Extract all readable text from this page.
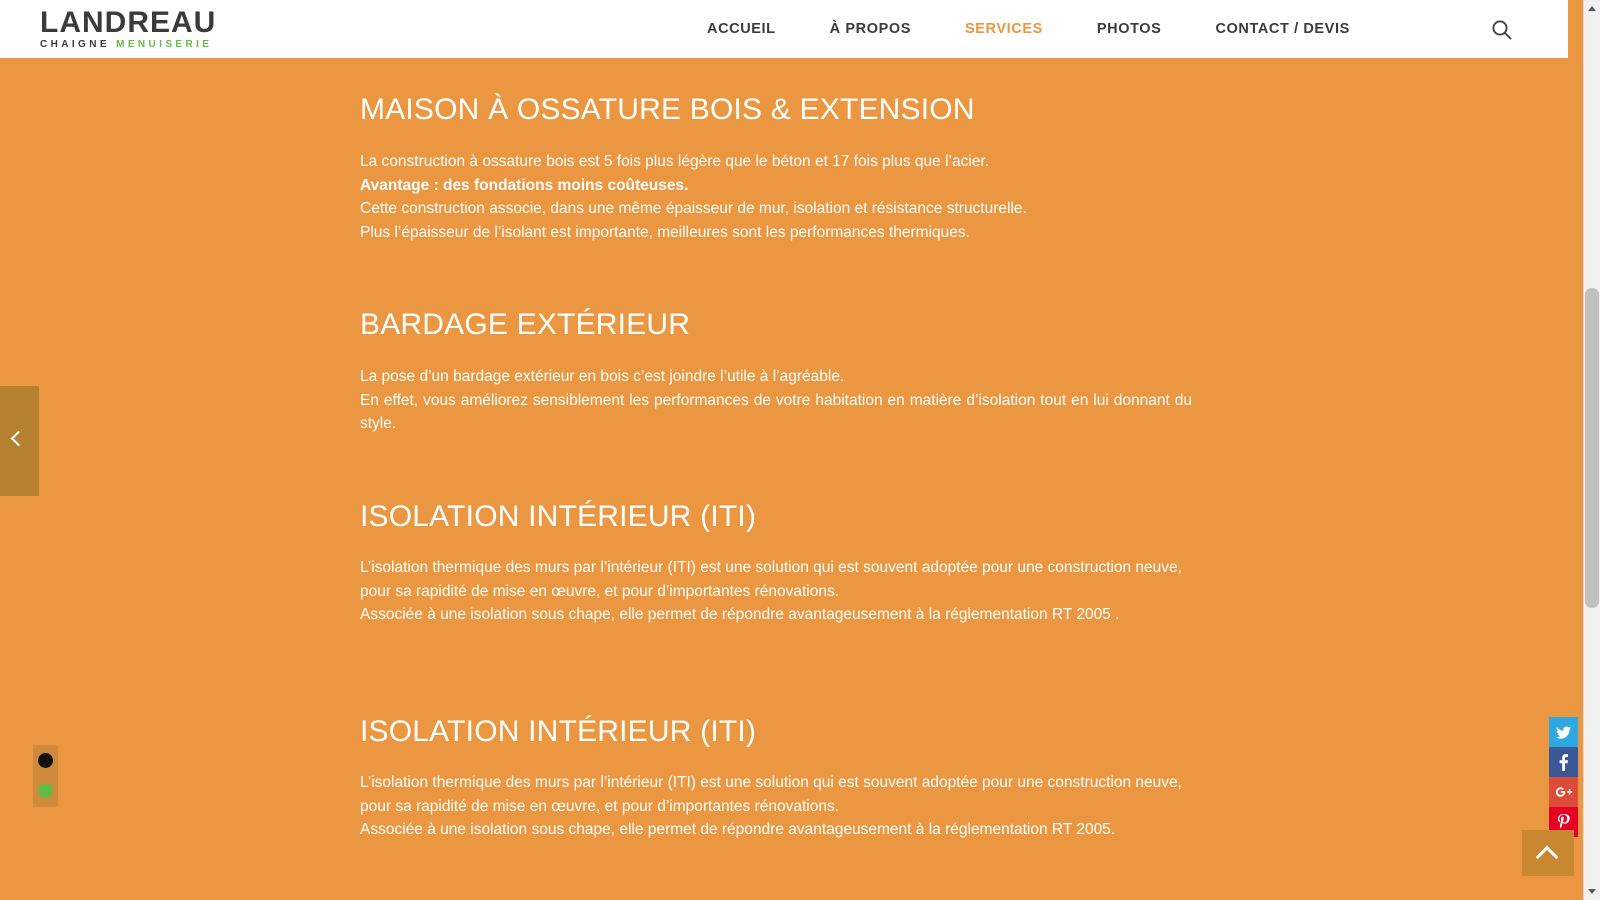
LANDREAU
CHAIGNE MENUISERIE
ACCUEIL	À PROPOS	SERVICES	PHOTOS	CONTACT / DEVIS
MAISON À OSSATURE BOIS & EXTENSION

La construction à ossature bois est 5 fois plus légère que le béton et 17 fois plus que l’acier.
Avantage : des fondations moins coûteuses.
Cette construction associe, dans une même épaisseur de mur, isolation et résistance structurelle.
Plus l’épaisseur de l’isolant est importante, meilleures sont les performances thermiques.

BARDAGE EXTÉRIEUR

La pose d’un bardage extérieur en bois c’est joindre l’utile à l’agréable.

En effet, vous améliorez sensiblement les performances de votre habitation en matière d’isolation tout en lui donnant du style.

ISOLATION INTÉRIEUR (ITI)

L’isolation thermique des murs par l’intérieur (ITI) est une solution qui est souvent adoptée pour une construction neuve,
pour sa rapidité de mise en œuvre, et pour d’importantes rénovations.
Associée à une isolation sous chape, elle permet de répondre avantageusement à la réglementation RT 2005 .

ISOLATION INTÉRIEUR (ITI)

L’isolation thermique des murs par l’intérieur (ITI) est une solution qui est souvent adoptée pour une construction neuve,
pour sa rapidité de mise en œuvre, et pour d’importantes rénovations.
Associée à une isolation sous chape, elle permet de répondre avantageusement à la réglementation RT 2005.
